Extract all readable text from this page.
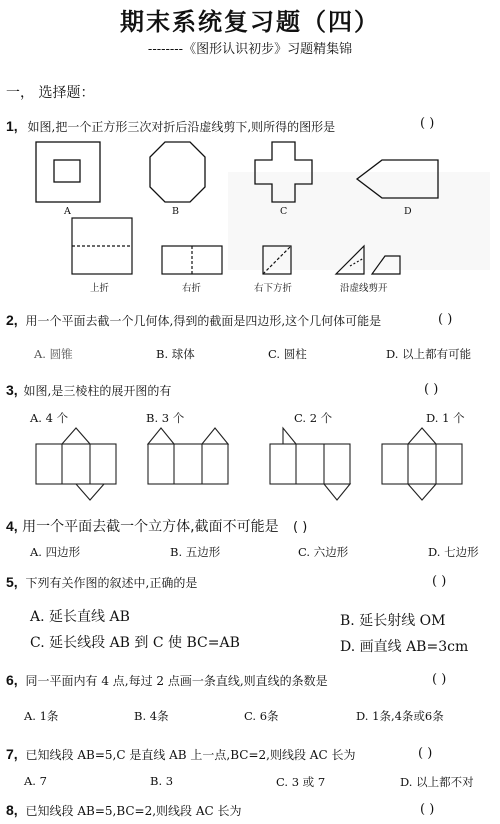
期末系统复习题（四）
--------《图形认识初步》习题精集锦
一， 选择题：
1, 如图,把一个正方形三次对折后沿虚线剪下,则所得的图形是	( )
A	B	C	D
上折	右折	右下方折	沿虚线剪开
2, 用一个平面去截一个几何体,得到的截面是四边形,这个几何体可能是	( )
A. 圆锥	B. 球体	C. 圆柱	D. 以上都有可能
3, 如图,是三棱柱的展开图的有	( )
A. 4 个	B. 3 个	C. 2 个	D. 1 个
4, 用一个平面去截一个立方体,截面不可能是 ( )
A. 四边形	B. 五边形	C. 六边形	D. 七边形
5, 下列有关作图的叙述中,正确的是	( )
A. 延长直线 AB	B. 延长射线 OM
C. 延长线段 AB 到 C 使 BC=AB	D. 画直线 AB=3cm
6, 同一平面内有 4 点,每过 2 点画一条直线,则直线的条数是	( )
A. 1条	B. 4条	C. 6条	D. 1条,4条或6条
7, 已知线段 AB=5,C 是直线 AB 上一点,BC=2,则线段 AC 长为	( )
A. 7	B. 3	C. 3 或 7	D. 以上都不对
8, 已知线段 AB=5,BC=2,则线段 AC 长为	( )
